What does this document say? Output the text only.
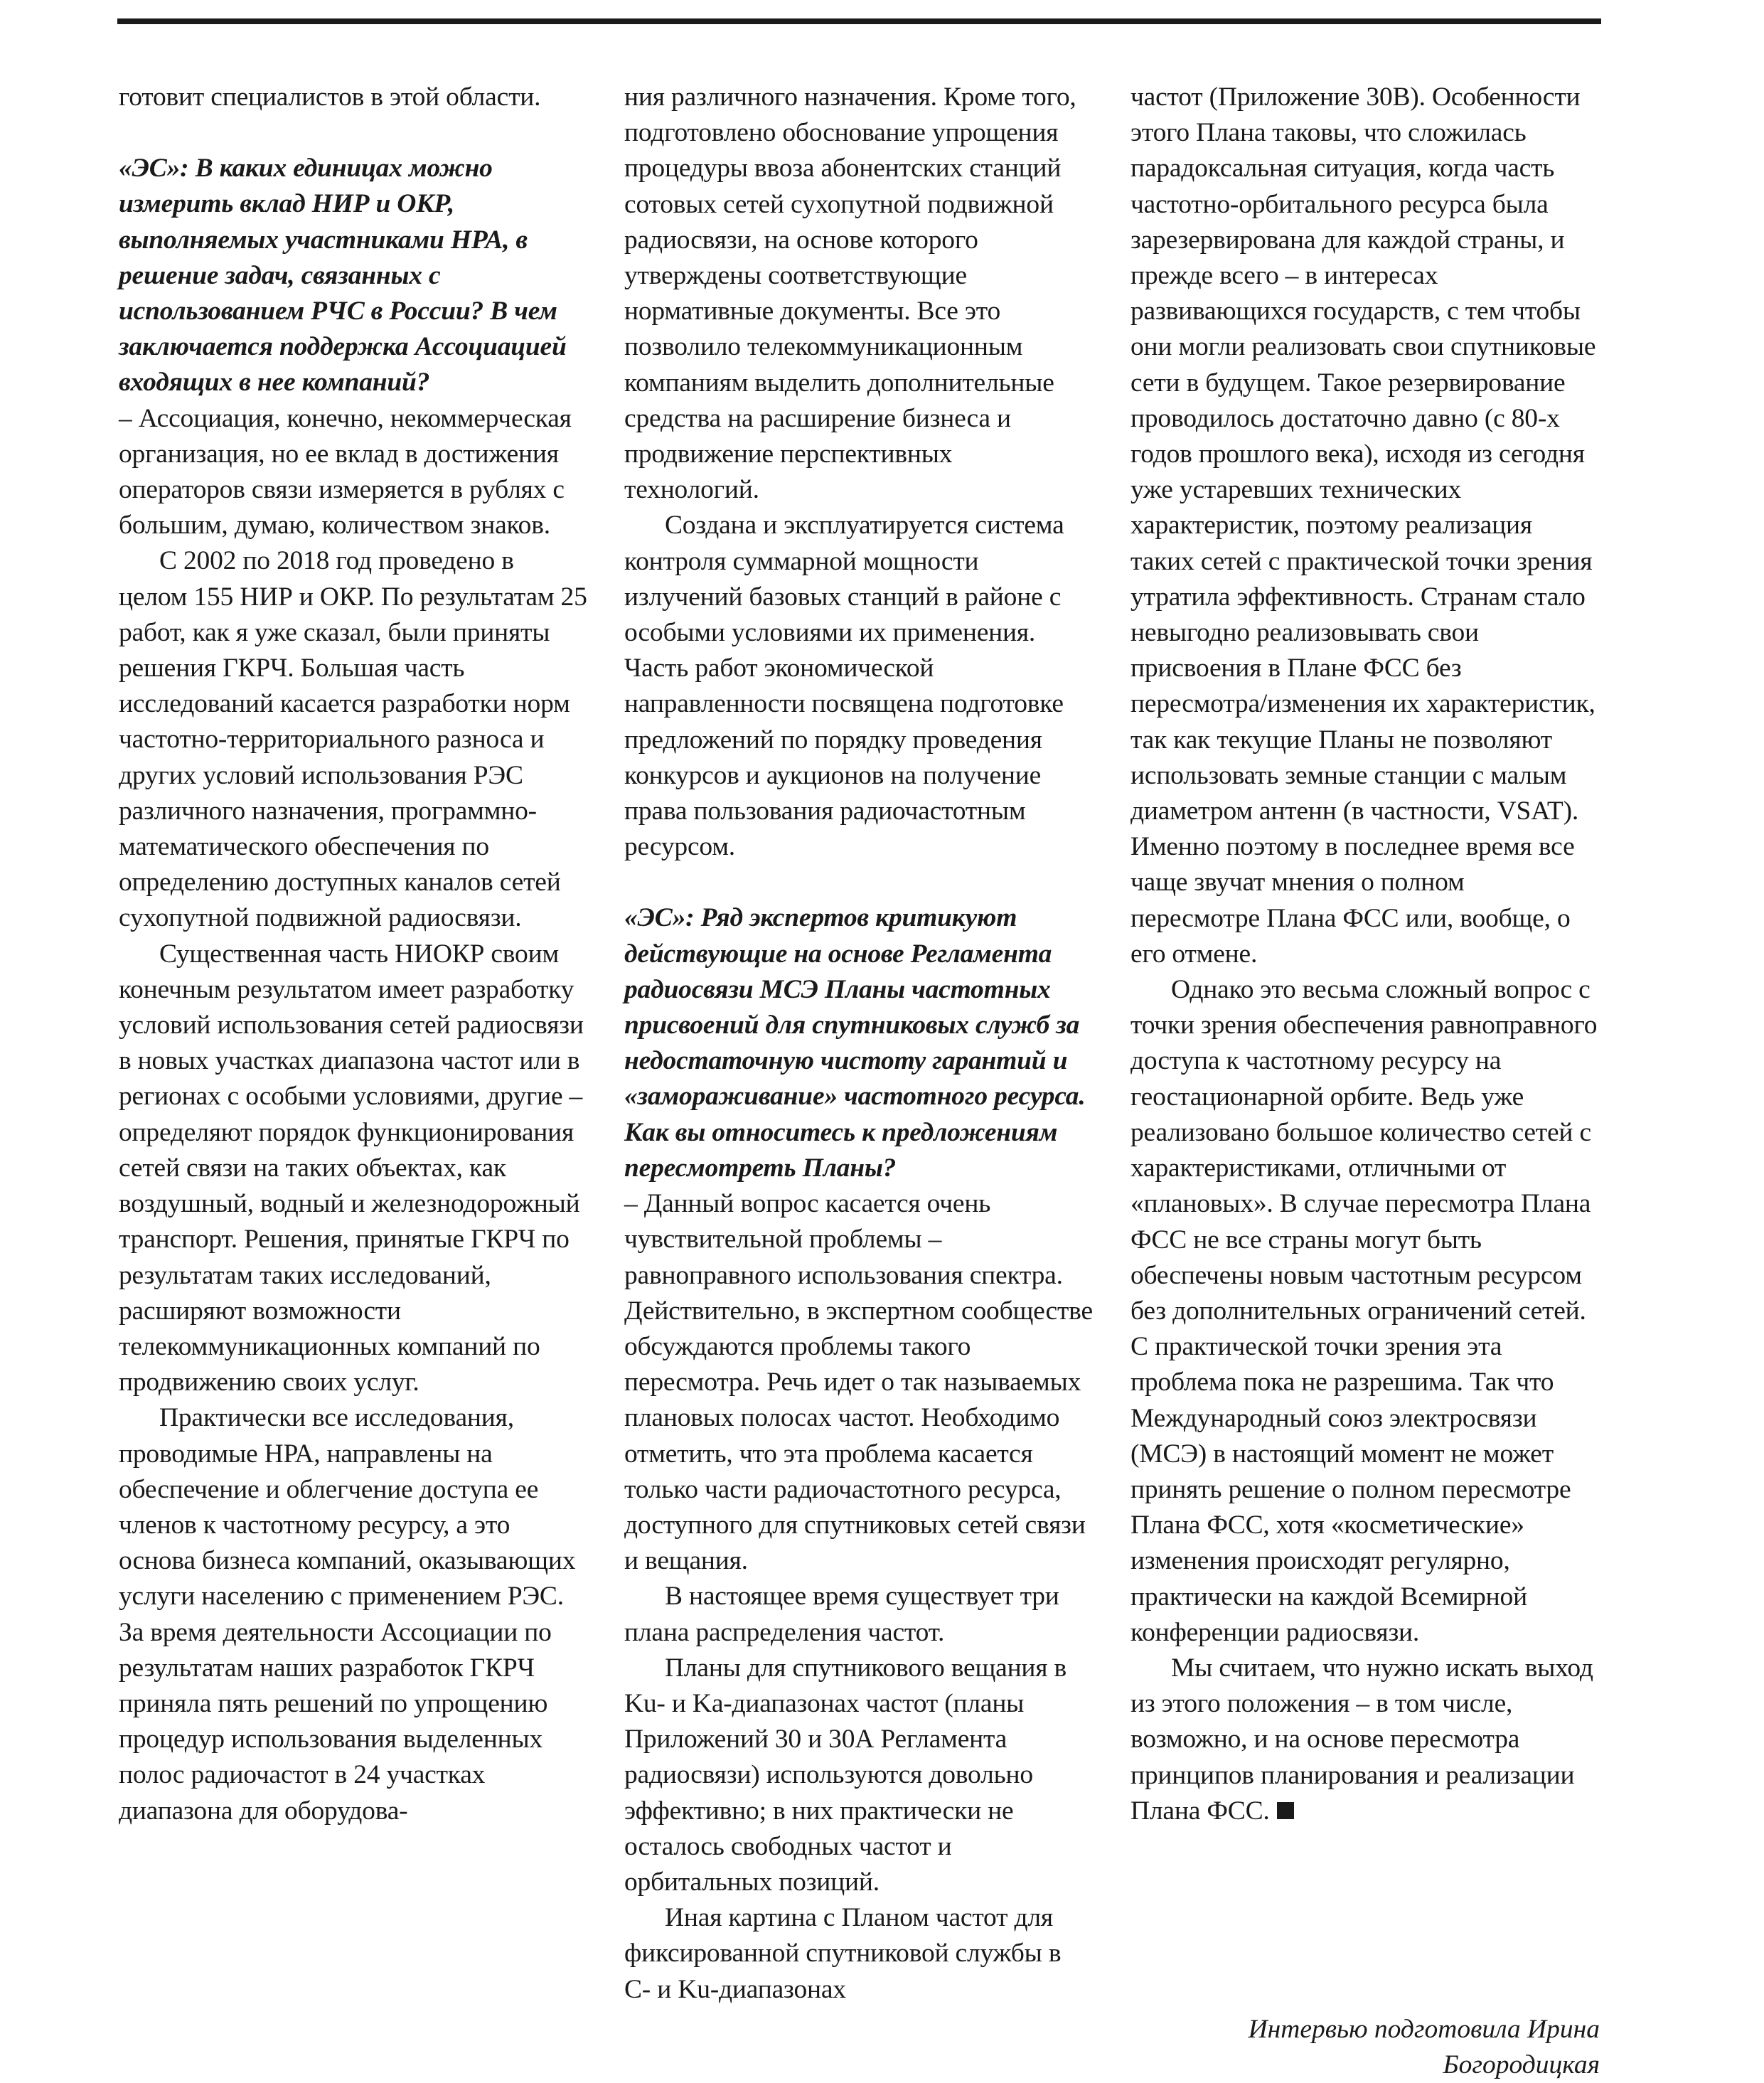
готовит специалистов в этой области.

«ЭС»: В каких единицах можно измерить вклад НИР и ОКР, выполняемых участниками НРА, в решение задач, связанных с использованием РЧС в России? В чем заключается поддержка Ассоциацией входящих в нее компаний?

– Ассоциация, конечно, некоммерческая организация, но ее вклад в достижения операторов связи измеряется в рублях с большим, думаю, количеством знаков.

С 2002 по 2018 год проведено в целом 155 НИР и ОКР. По результатам 25 работ, как я уже сказал, были приняты решения ГКРЧ. Большая часть исследований касается разработки норм частотно-территориального разноса и других условий использования РЭС различного назначения, программно-математического обеспечения по определению доступных каналов сетей сухопутной подвижной радиосвязи.

Существенная часть НИОКР своим конечным результатом имеет разработку условий использования сетей радиосвязи в новых участках диапазона частот или в регионах с особыми условиями, другие – определяют порядок функционирования сетей связи на таких объектах, как воздушный, водный и железнодорожный транспорт. Решения, принятые ГКРЧ по результатам таких исследований, расширяют возможности телекоммуникационных компаний по продвижению своих услуг.

Практически все исследования, проводимые НРА, направлены на обеспечение и облегчение доступа ее членов к частотному ресурсу, а это основа бизнеса компаний, оказывающих услуги населению с применением РЭС. За время деятельности Ассоциации по результатам наших разработок ГКРЧ приняла пять решений по упрощению процедур использования выделенных полос радиочастот в 24 участках диапазона для оборудова-

ния различного назначения. Кроме того, подготовлено обоснование упрощения процедуры ввоза абонентских станций сотовых сетей сухопутной подвижной радиосвязи, на основе которого утверждены соответствующие нормативные документы. Все это позволило телекоммуникационным компаниям выделить дополнительные средства на расширение бизнеса и продвижение перспективных технологий.

Создана и эксплуатируется система контроля суммарной мощности излучений базовых станций в районе с особыми условиями их применения. Часть работ экономической направленности посвящена подготовке предложений по порядку проведения конкурсов и аукционов на получение права пользования радиочастотным ресурсом.

«ЭС»: Ряд экспертов критикуют действующие на основе Регламента радиосвязи МСЭ Планы частотных присвоений для спутниковых служб за недостаточную чистоту гарантий и «замораживание» частотного ресурса. Как вы относитесь к предложениям пересмотреть Планы?

– Данный вопрос касается очень чувствительной проблемы – равноправного использования спектра. Действительно, в экспертном сообществе обсуждаются проблемы такого пересмотра. Речь идет о так называемых плановых полосах частот. Необходимо отметить, что эта проблема касается только части радиочастотного ресурса, доступного для спутниковых сетей связи и вещания.

В настоящее время существует три плана распределения частот.

Планы для спутникового вещания в Ku- и Ka-диапазонах частот (планы Приложений 30 и 30А Регламента радиосвязи) используются довольно эффективно; в них практически не осталось свободных частот и орбитальных позиций.

Иная картина с Планом частот для фиксированной спутниковой службы в C- и Ku-диапазонах

частот (Приложение 30В). Особенности этого Плана таковы, что сложилась парадоксальная ситуация, когда часть частотно-орбитального ресурса была зарезервирована для каждой страны, и прежде всего – в интересах развивающихся государств, с тем чтобы они могли реализовать свои спутниковые сети в будущем. Такое резервирование проводилось достаточно давно (с 80-х годов прошлого века), исходя из сегодня уже устаревших технических характеристик, поэтому реализация таких сетей с практической точки зрения утратила эффективность. Странам стало невыгодно реализовывать свои присвоения в Плане ФСС без пересмотра/изменения их характеристик, так как текущие Планы не позволяют использовать земные станции с малым диаметром антенн (в частности, VSAT). Именно поэтому в последнее время все чаще звучат мнения о полном пересмотре Плана ФСС или, вообще, о его отмене.

Однако это весьма сложный вопрос с точки зрения обеспечения равноправного доступа к частотному ресурсу на геостационарной орбите. Ведь уже реализовано большое количество сетей с характеристиками, отличными от «плановых». В случае пересмотра Плана ФСС не все страны могут быть обеспечены новым частотным ресурсом без дополнительных ограничений сетей. С практической точки зрения эта проблема пока не разрешима. Так что Международный союз электросвязи (МСЭ) в настоящий момент не может принять решение о полном пересмотре Плана ФСС, хотя «косметические» изменения происходят регулярно, практически на каждой Всемирной конференции радиосвязи.

Мы считаем, что нужно искать выход из этого положения – в том числе, возможно, и на основе пересмотра принципов планирования и реализации Плана ФСС.

Интервью подготовила Ирина

Богородицкая
